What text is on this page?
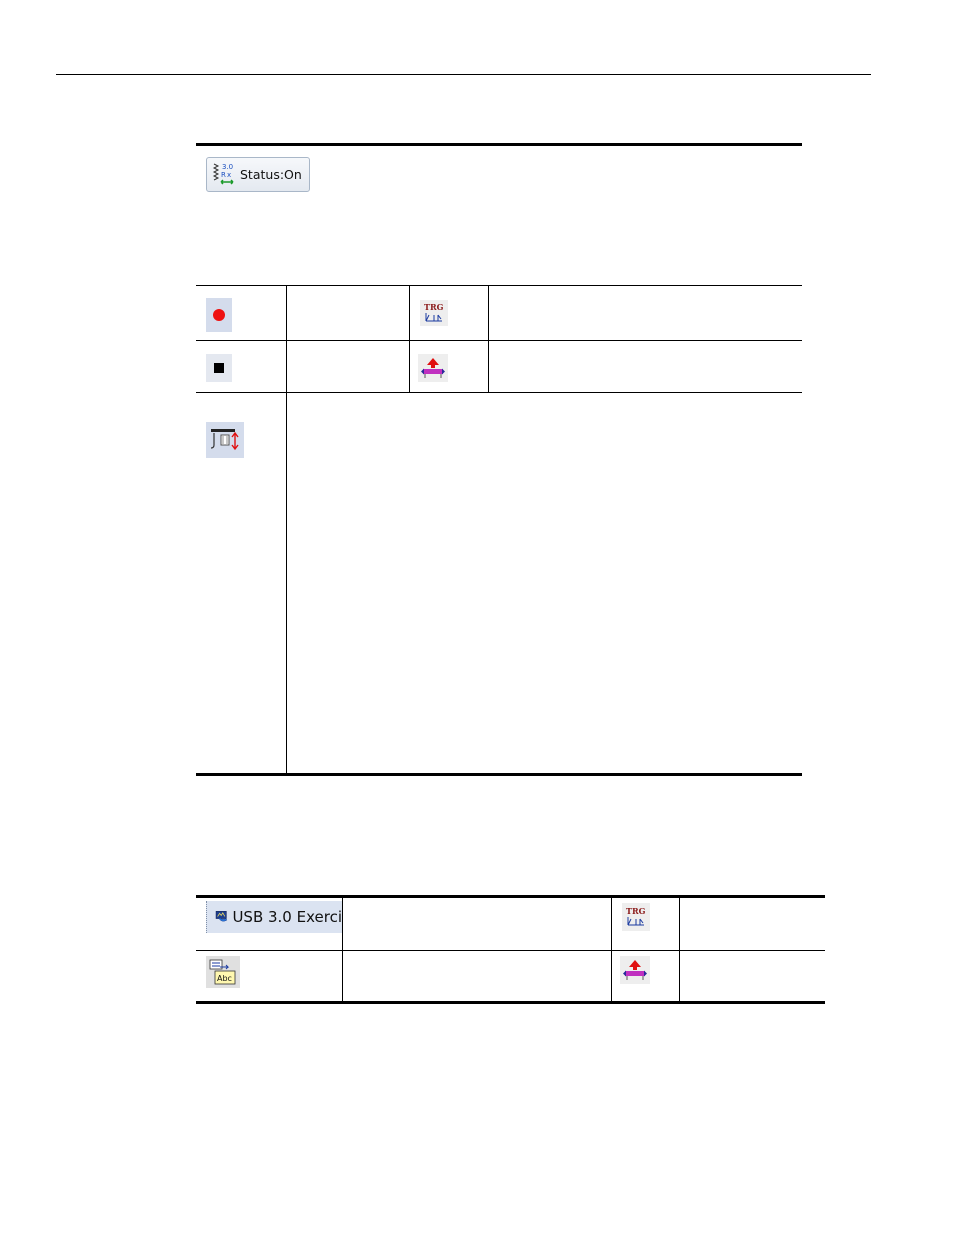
3.0
R x Status:On
TRG
USB 3.0 Exerci	TRG
Abc
